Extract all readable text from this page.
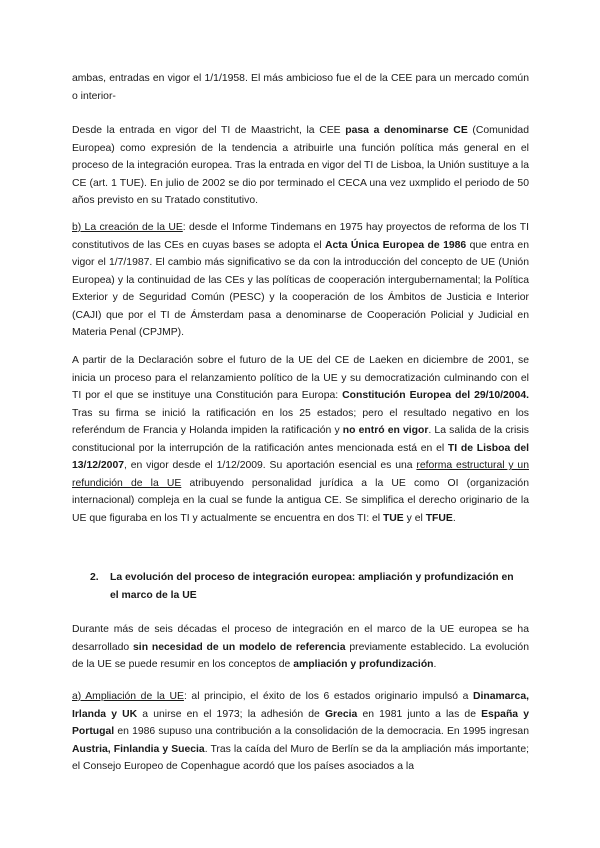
ambas, entradas en vigor el 1/1/1958. El más ambicioso fue el de la CEE para un mercado común o interior-

Desde la entrada en vigor del TI de Maastricht, la CEE pasa a denominarse CE (Comunidad Europea) como expresión de la tendencia a atribuirle una función política más general en el proceso de la integración europea. Tras la entrada en vigor del TI de Lisboa, la Unión sustituye a la CE (art. 1 TUE). En julio de 2002 se dio por terminado el CECA una vez uxmplido el periodo de 50 años previsto en su Tratado constitutivo.

b) La creación de la UE: desde el Informe Tindemans en 1975 hay proyectos de reforma de los TI constitutivos de las CEs en cuyas bases se adopta el Acta Única Europea de 1986 que entra en vigor el 1/7/1987. El cambio más significativo se da con la introducción del concepto de UE (Unión Europea) y la continuidad de las CEs y las políticas de cooperación intergubernamental; la Política Exterior y de Seguridad Común (PESC) y la cooperación de los Ámbitos de Justicia e Interior (CAJI) que por el TI de Ámsterdam pasa a denominarse de Cooperación Policial y Judicial en Materia Penal (CPJMP).

A partir de la Declaración sobre el futuro de la UE del CE de Laeken en diciembre de 2001, se inicia un proceso para el relanzamiento político de la UE y su democratización culminando con el TI por el que se instituye una Constitución para Europa: Constitución Europea del 29/10/2004. Tras su firma se inició la ratificación en los 25 estados; pero el resultado negativo en los referéndum de Francia y Holanda impiden la ratificación y no entró en vigor. La salida de la crisis constitucional por la interrupción de la ratificación antes mencionada está en el TI de Lisboa del 13/12/2007, en vigor desde el 1/12/2009. Su aportación esencial es una reforma estructural y un refundición de la UE atribuyendo personalidad jurídica a la UE como OI (organización internacional) compleja en la cual se funde la antigua CE. Se simplifica el derecho originario de la UE que figuraba en los TI y actualmente se encuentra en dos TI: el TUE y el TFUE.

2.	La evolución del proceso de integración europea: ampliación y profundización en el marco de la UE

Durante más de seis décadas el proceso de integración en el marco de la UE europea se ha desarrollado sin necesidad de un modelo de referencia previamente establecido. La evolución de la UE se puede resumir en los conceptos de ampliación y profundización.

a) Ampliación de la UE: al principio, el éxito de los 6 estados originario impulsó a Dinamarca, Irlanda y UK a unirse en el 1973; la adhesión de Grecia en 1981 junto a las de España y Portugal en 1986 supuso una contribución a la consolidación de la democracia. En 1995 ingresan Austria, Finlandia y Suecia. Tras la caída del Muro de Berlín se da la ampliación más importante; el Consejo Europeo de Copenhague acordó que los países asociados a la
